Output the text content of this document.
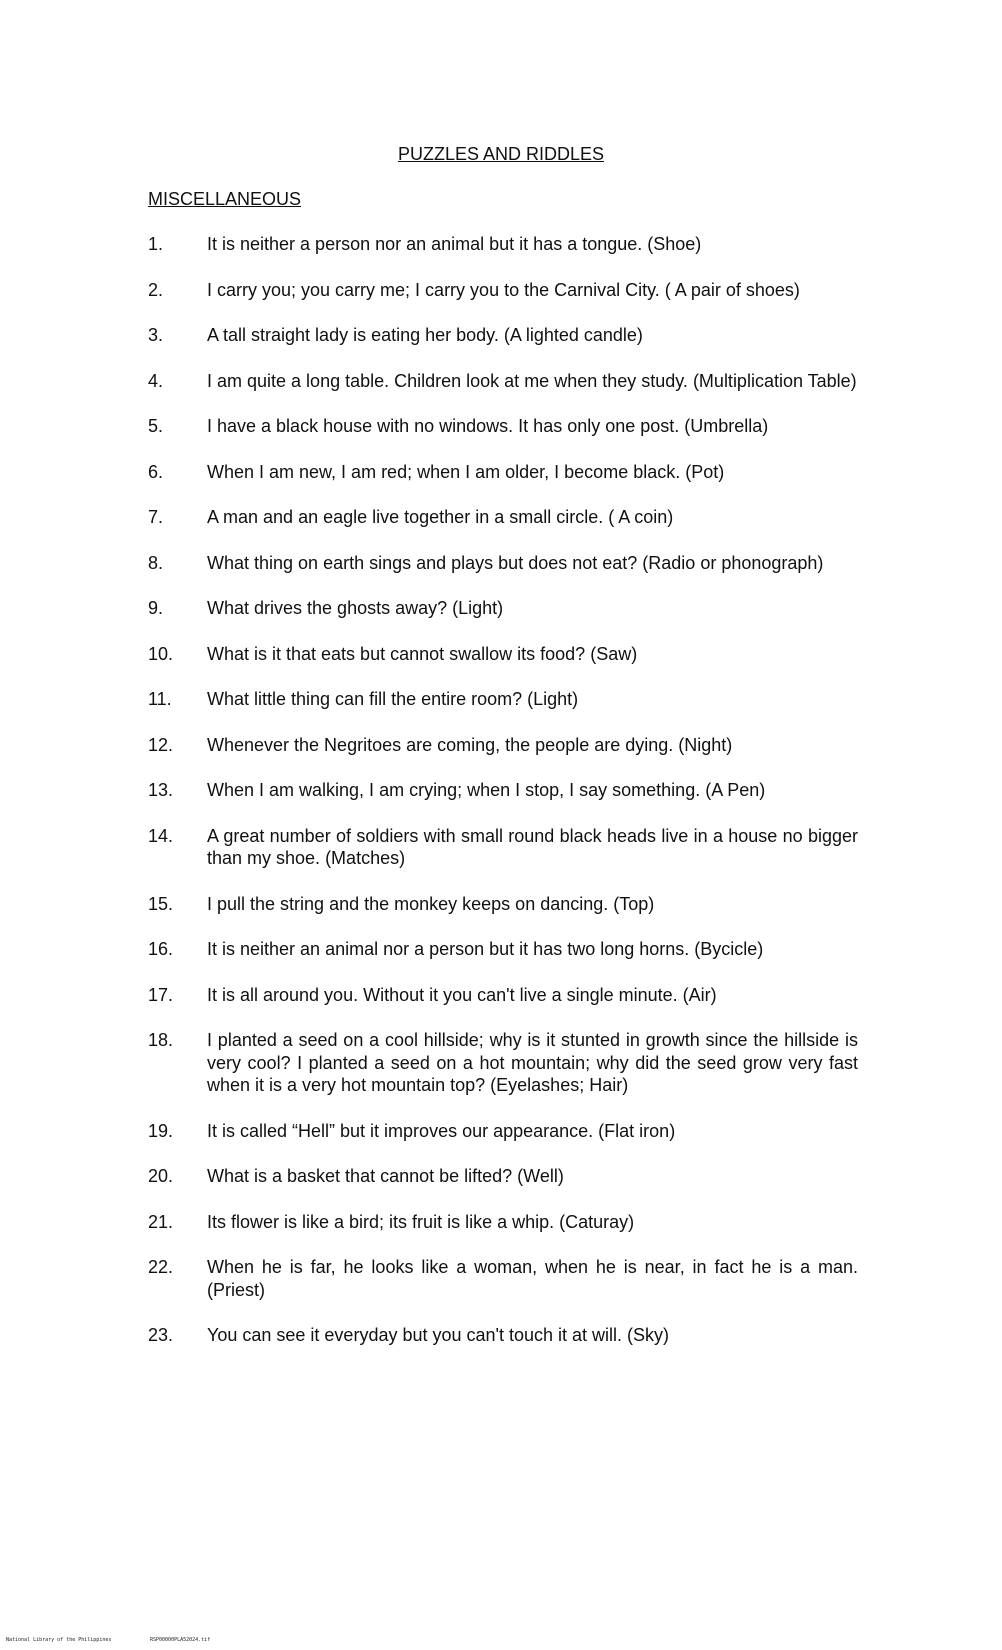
PUZZLES AND RIDDLES
MISCELLANEOUS
1.	It is neither a person nor an animal but it has a tongue. (Shoe)
2.	I carry you; you carry me; I carry you to the Carnival City. ( A pair of shoes)
3.	A tall straight lady is eating her body. (A lighted candle)
4.	I am quite a long table. Children look at me when they study. (Multiplication Table)
5.	I have a black house with no windows. It has only one post. (Umbrella)
6.	When I am new, I am red; when I am older, I become black. (Pot)
7.	A man and an eagle live together in a small circle. ( A coin)
8.	What thing on earth sings and plays but does not eat? (Radio or phonograph)
9.	What drives the ghosts away? (Light)
10.	What is it that eats but cannot swallow its food? (Saw)
11.	What little thing can fill the entire room? (Light)
12.	Whenever the Negritoes are coming, the people are dying. (Night)
13.	When I am walking, I am crying; when I stop, I say something. (A Pen)
14.	A great number of soldiers with small round black heads live in a house no bigger than my shoe. (Matches)
15.	I pull the string and the monkey keeps on dancing. (Top)
16.	It is neither an animal nor a person but it has two long horns. (Bycicle)
17.	It is all around you. Without it you can't live a single minute. (Air)
18.	I planted a seed on a cool hillside; why is it stunted in growth since the hillside is very cool? I planted a seed on a hot mountain; why did the seed grow very fast when it is a very hot mountain top? (Eyelashes; Hair)
19.	It is called “Hell” but it improves our appearance. (Flat iron)
20.	What is a basket that cannot be lifted? (Well)
21.	Its flower is like a bird; its fruit is like a whip. (Caturay)
22.	When he is far, he looks like a woman, when he is near, in fact he is a man. (Priest)
23.	You can see it everyday but you can't touch it at will. (Sky)
National Library of the Philippines	RSP00000PLA52024.tif
